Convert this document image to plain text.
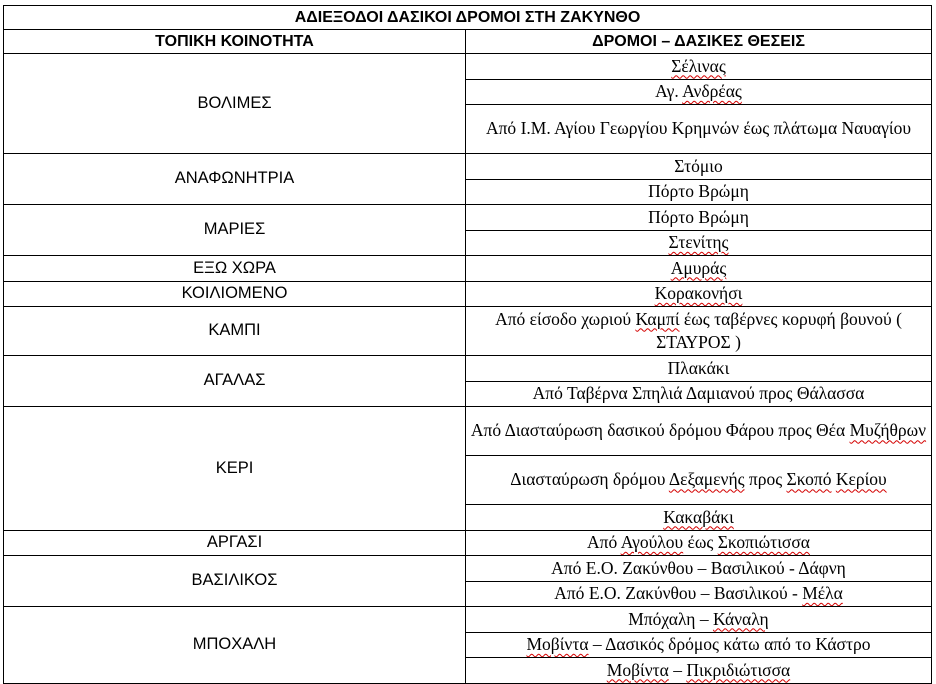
ΑΔΙΕΞΟΔΟΙ ΔΑΣΙΚΟΙ ΔΡΟΜΟΙ ΣΤΗ ΖΑΚΥΝΘΟ	
ΤΟΠΙΚΗ ΚΟΙΝΟΤΗΤΑ	ΔΡΟΜΟΙ – ΔΑΣΙΚΕΣ ΘΕΣΕΙΣ
ΒΟΛΙΜΕΣ	Σέλινας
	Αγ. Ανδρέας
	Από Ι.Μ. Αγίου Γεωργίου Κρημνών έως πλάτωμα Ναυαγίου
ΑΝΑΦΩΝΗΤΡΙΑ	Στόμιο
	Πόρτο Βρώμη
ΜΑΡΙΕΣ	Πόρτο Βρώμη
	Στενίτης
ΕΞΩ ΧΩΡΑ	Αμυράς
ΚΟΙΛΙΟΜΕΝΟ	Κορακονήσι
ΚΑΜΠΙ	Από είσοδο χωριού Καμπί έως ταβέρνες κορυφή βουνού ( ΣΤΑΥΡΟΣ )
ΑΓΑΛΑΣ	Πλακάκι
	Από Ταβέρνα Σπηλιά Δαμιανού προς Θάλασσα
ΚΕΡΙ	Από Διασταύρωση δασικού δρόμου Φάρου προς Θέα Μυζήθρων
	Διασταύρωση δρόμου Δεξαμενής προς Σκοπό Κερίου
	Κακαβάκι
ΑΡΓΑΣΙ	Από Αγούλου έως Σκοπιώτισσα
ΒΑΣΙΛΙΚΟΣ	Από Ε.Ο. Ζακύνθου – Βασιλικού - Δάφνη
	Από Ε.Ο. Ζακύνθου – Βασιλικού - Μέλα
ΜΠΟΧΑΛΗ	Μπόχαλη – Κάναλη
	Μοβίντα – Δασικός δρόμος κάτω από το Κάστρο
	Μοβίντα – Πικριδιώτισσα
